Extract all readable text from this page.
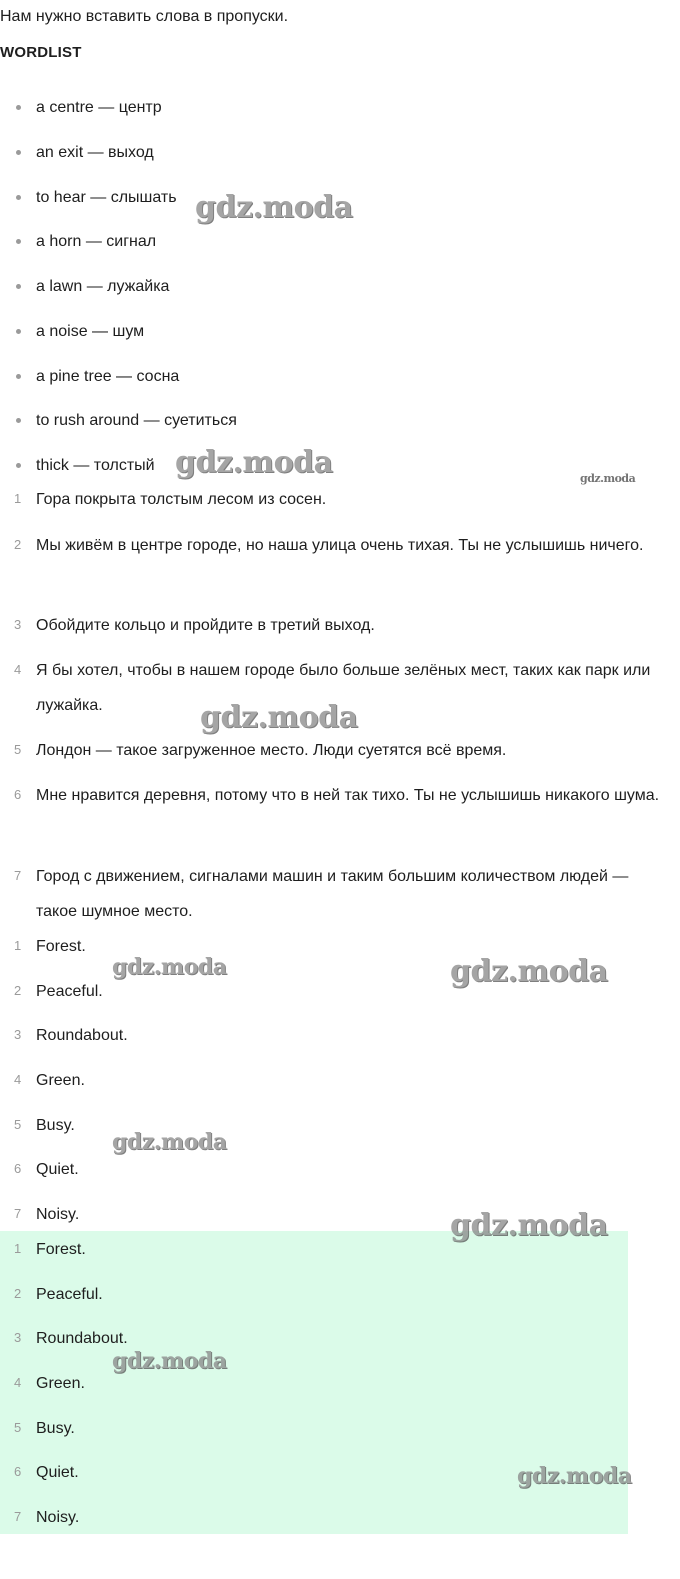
Нам нужно вставить слова в пропуски.

WORDLIST

a centre — центр
an exit — выход
to hear — слышать
a horn — сигнал
a lawn — лужайка
a noise — шум
a pine tree — сосна
to rush around — суетиться
thick — толстый
1 Гора покрыта толстым лесом из сосен.
2 Мы живём в центре городе, но наша улица очень тихая. Ты не услышишь ничего.
3 Обойдите кольцо и пройдите в третий выход.
4 Я бы хотел, чтобы в нашем городе было больше зелёных мест, таких как парк или лужайка.
5 Лондон — такое загруженное место. Люди суетятся всё время.
6 Мне нравится деревня, потому что в ней так тихо. Ты не услышишь никакого шума.
7 Город с движением, сигналами машин и таким большим количеством людей — такое шумное место.
1 Forest.
2 Peaceful.
3 Roundabout.
4 Green.
5 Busy.
6 Quiet.
7 Noisy.
1 Forest.
2 Peaceful.
3 Roundabout.
4 Green.
5 Busy.
6 Quiet.
7 Noisy.
gdz.moda
gdz.moda	gdz.moda
gdz.moda
gdz.moda	gdz.moda
gdz.moda
gdz.moda
gdz.moda
gdz.moda
